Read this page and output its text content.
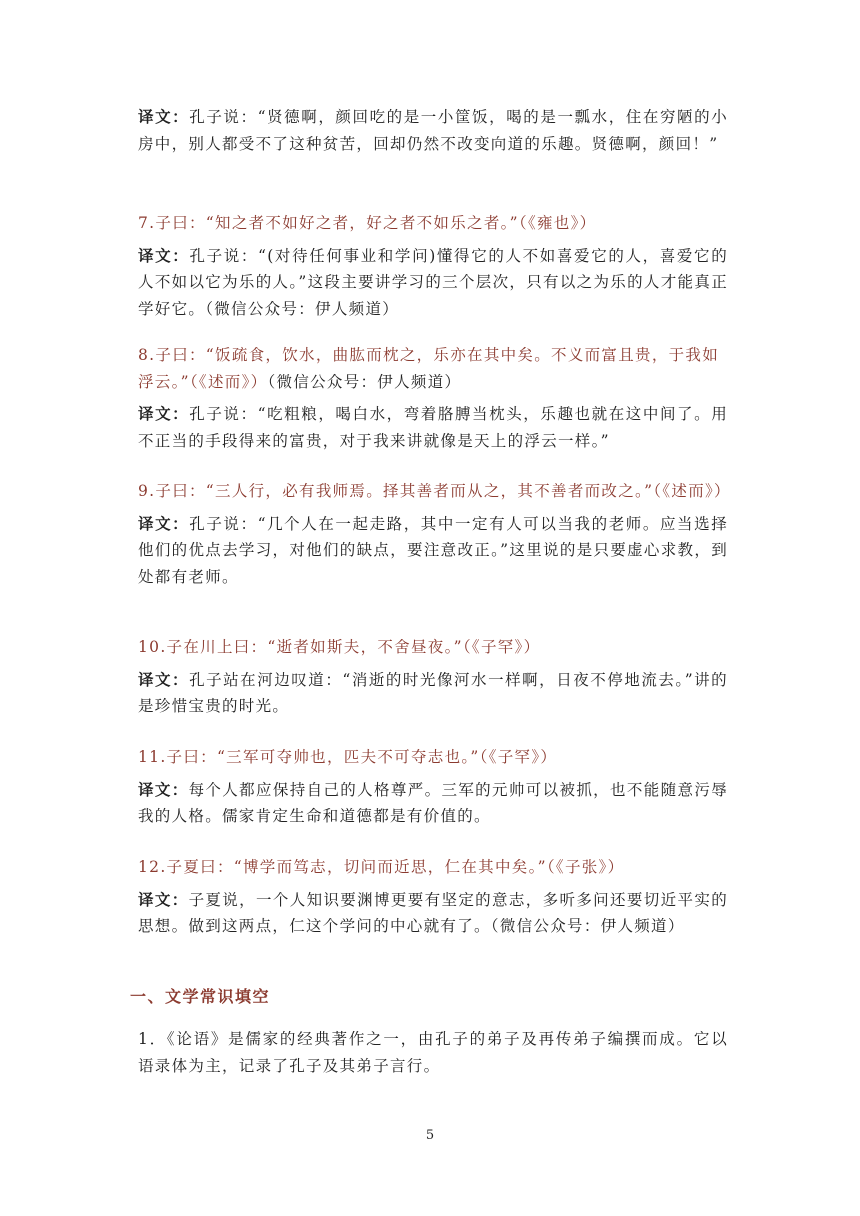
译文：孔子说：“贤德啊，颜回吃的是一小筐饭，喝的是一瓢水，住在穷陋的小房中，别人都受不了这种贫苦，回却仍然不改变向道的乐趣。贤德啊，颜回！”

7.子曰：“知之者不如好之者，好之者不如乐之者。”（《雍也》）

译文：孔子说：“(对待任何事业和学问)懂得它的人不如喜爱它的人，喜爱它的人不如以它为乐的人。”这段主要讲学习的三个层次，只有以之为乐的人才能真正学好它。（微信公众号：伊人频道）

8.子曰：“饭疏食，饮水，曲肱而枕之，乐亦在其中矣。不义而富且贵，于我如浮云。”（《述而》）（微信公众号：伊人频道）

译文：孔子说：“吃粗粮，喝白水，弯着胳膊当枕头，乐趣也就在这中间了。用不正当的手段得来的富贵，对于我来讲就像是天上的浮云一样。”

9.子曰：“三人行，必有我师焉。择其善者而从之，其不善者而改之。”（《述而》）

译文：孔子说：“几个人在一起走路，其中一定有人可以当我的老师。应当选择他们的优点去学习，对他们的缺点，要注意改正。”这里说的是只要虚心求教，到处都有老师。

10.子在川上曰：“逝者如斯夫，不舍昼夜。”（《子罕》）

译文：孔子站在河边叹道：“消逝的时光像河水一样啊，日夜不停地流去。”讲的是珍惜宝贵的时光。

11.子曰：“三军可夺帅也，匹夫不可夺志也。”（《子罕》）

译文：每个人都应保持自己的人格尊严。三军的元帅可以被抓，也不能随意污辱我的人格。儒家肯定生命和道德都是有价值的。

12.子夏曰：“博学而笃志，切问而近思，仁在其中矣。”（《子张》）

译文：子夏说，一个人知识要渊博更要有坚定的意志，多听多问还要切近平实的思想。做到这两点，仁这个学问的中心就有了。（微信公众号：伊人频道）

一、文学常识填空

1．《论语》是儒家的经典著作之一，由孔子的弟子及再传弟子编撰而成。它以语录体为主，记录了孔子及其弟子言行。

5
